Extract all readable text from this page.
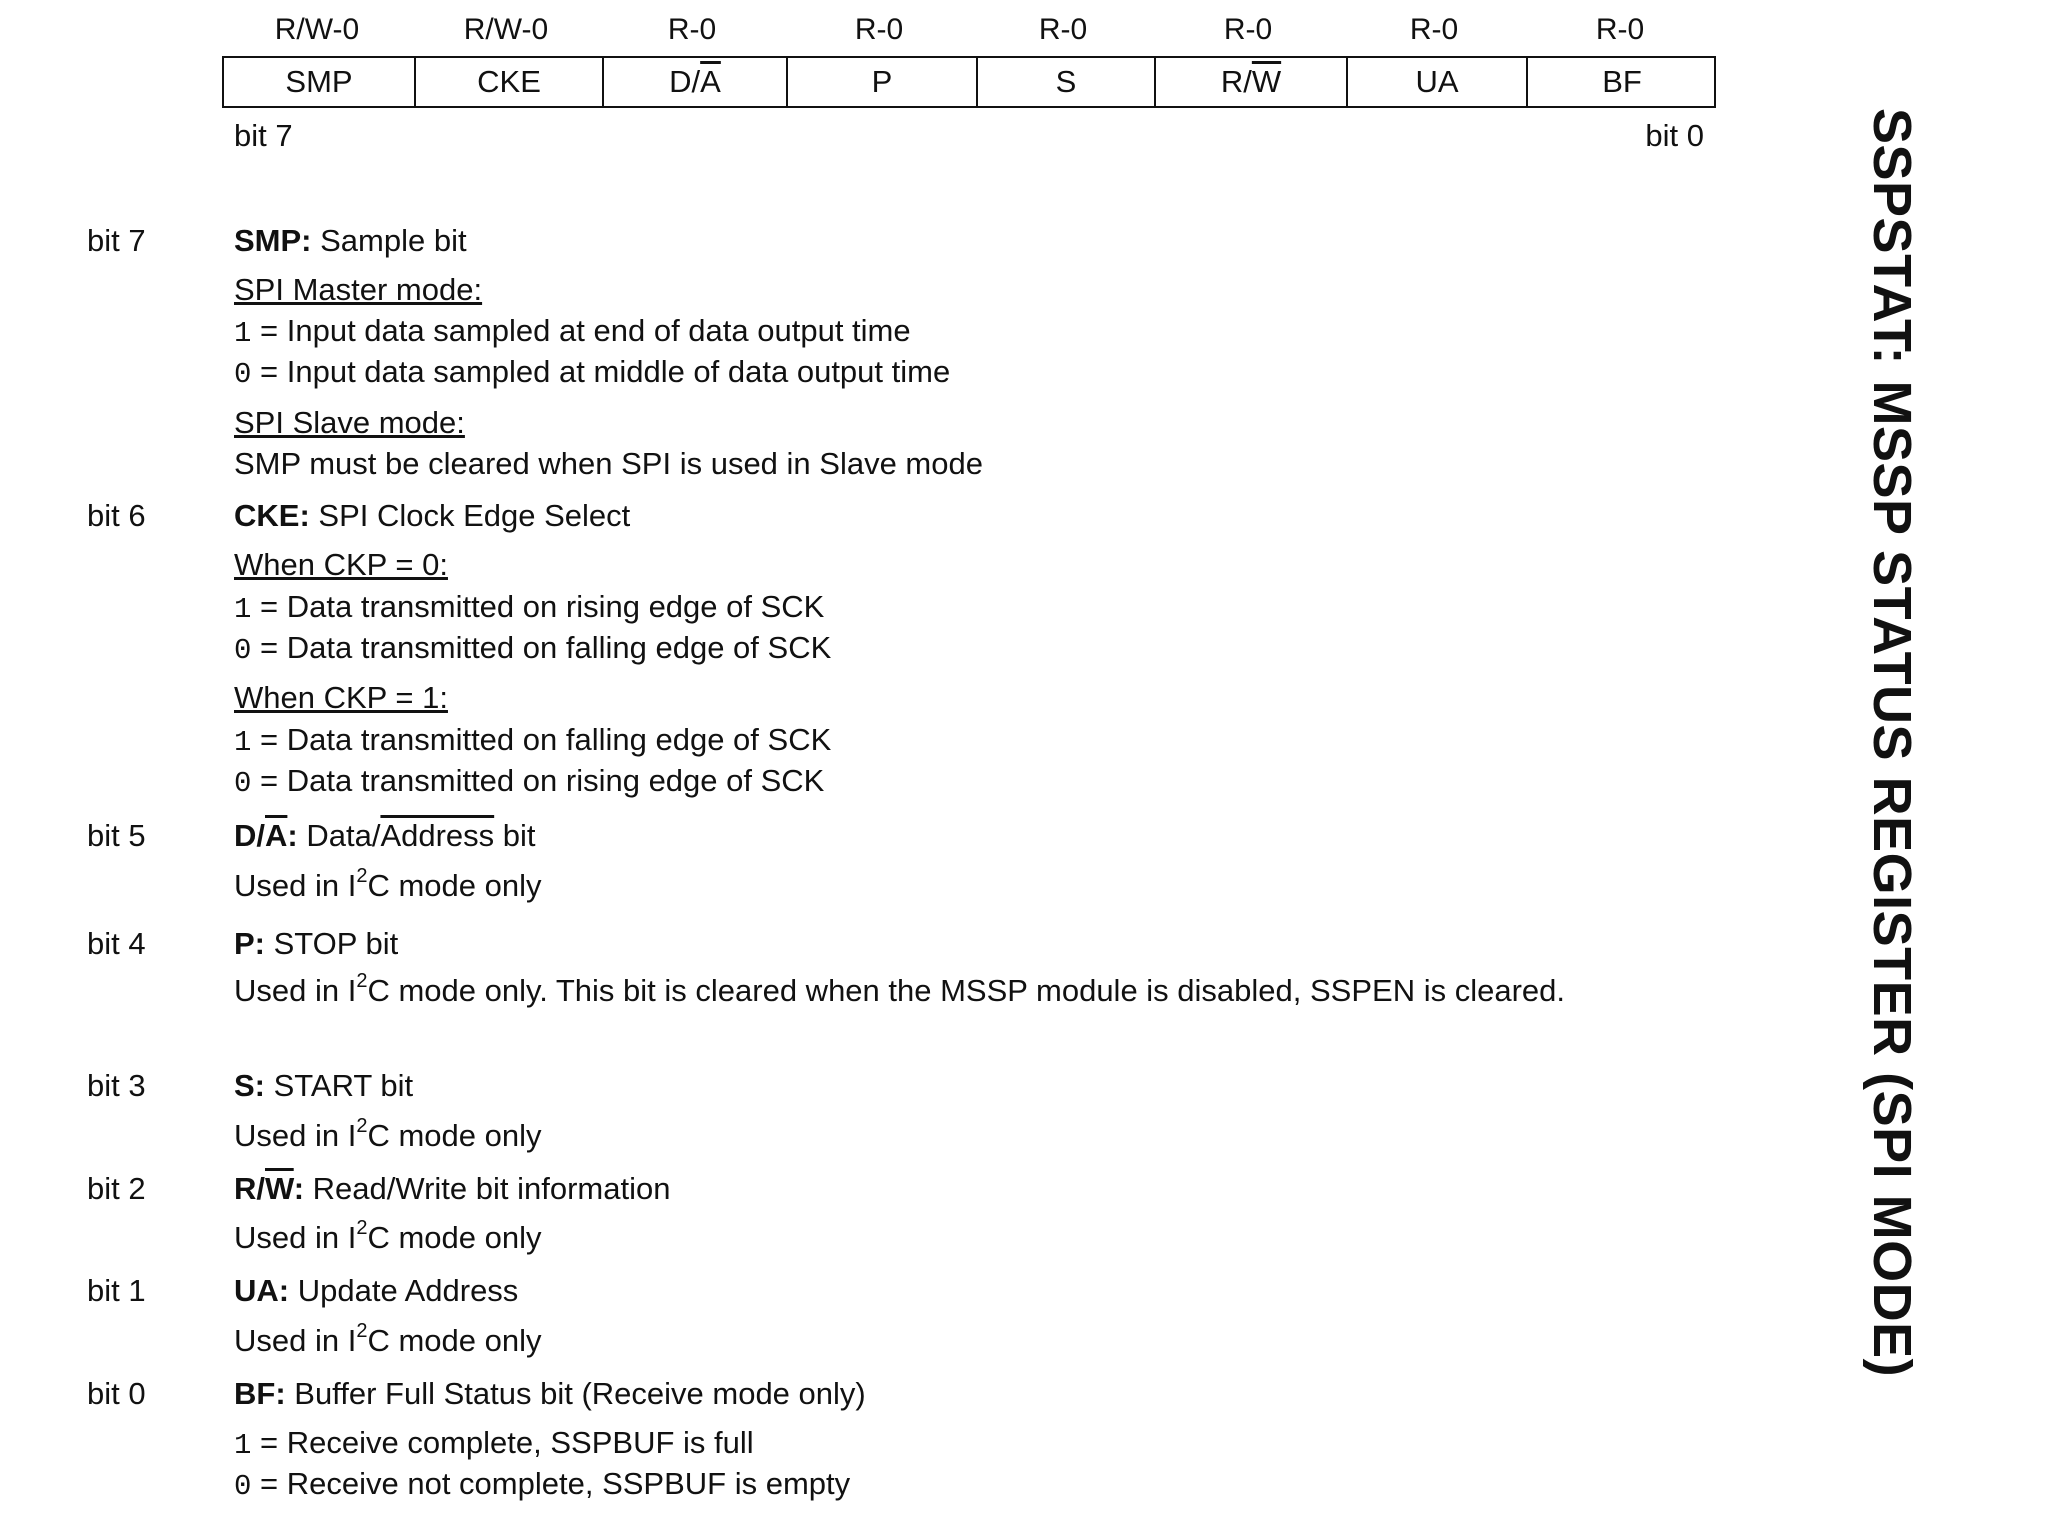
R/W-0	R/W-0	R-0	R-0	R-0	R-0	R-0	R-0
SMP	CKE	$D/\overline{A}$	P	S	$R/\overline{W}$	UA	BF
bit 7	bit 0
bit 7	SMP: Sample bit
SPI Master mode:
1 = Input data sampled at end of data output time
0 = Input data sampled at middle of data output time
SPI Slave mode:
SMP must be cleared when SPI is used in Slave mode
bit 6	CKE: SPI Clock Edge Select
When CKP = 0:
1 = Data transmitted on rising edge of SCK
0 = Data transmitted on falling edge of SCK
When CKP = 1:
1 = Data transmitted on falling edge of SCK
0 = Data transmitted on rising edge of SCK
bit 5	$D/\overline{A}$: Data/Address bit
Used in $I^2C$ mode only
bit 4	P: STOP bit
Used in $I^2C$ mode only. This bit is cleared when the MSSP module is disabled, SSPEN is cleared.
bit 3	S: START bit
Used in $I^2C$ mode only
bit 2	$R/\overline{W}$: Read/Write bit information
Used in $I^2C$ mode only
bit 1	UA: Update Address
Used in $I^2C$ mode only
bit 0	BF: Buffer Full Status bit (Receive mode only)
1 = Receive complete, SSPBUF is full
0 = Receive not complete, SSPBUF is empty
SSPSTAT: MSSP STATUS REGISTER (SPI MODE)
